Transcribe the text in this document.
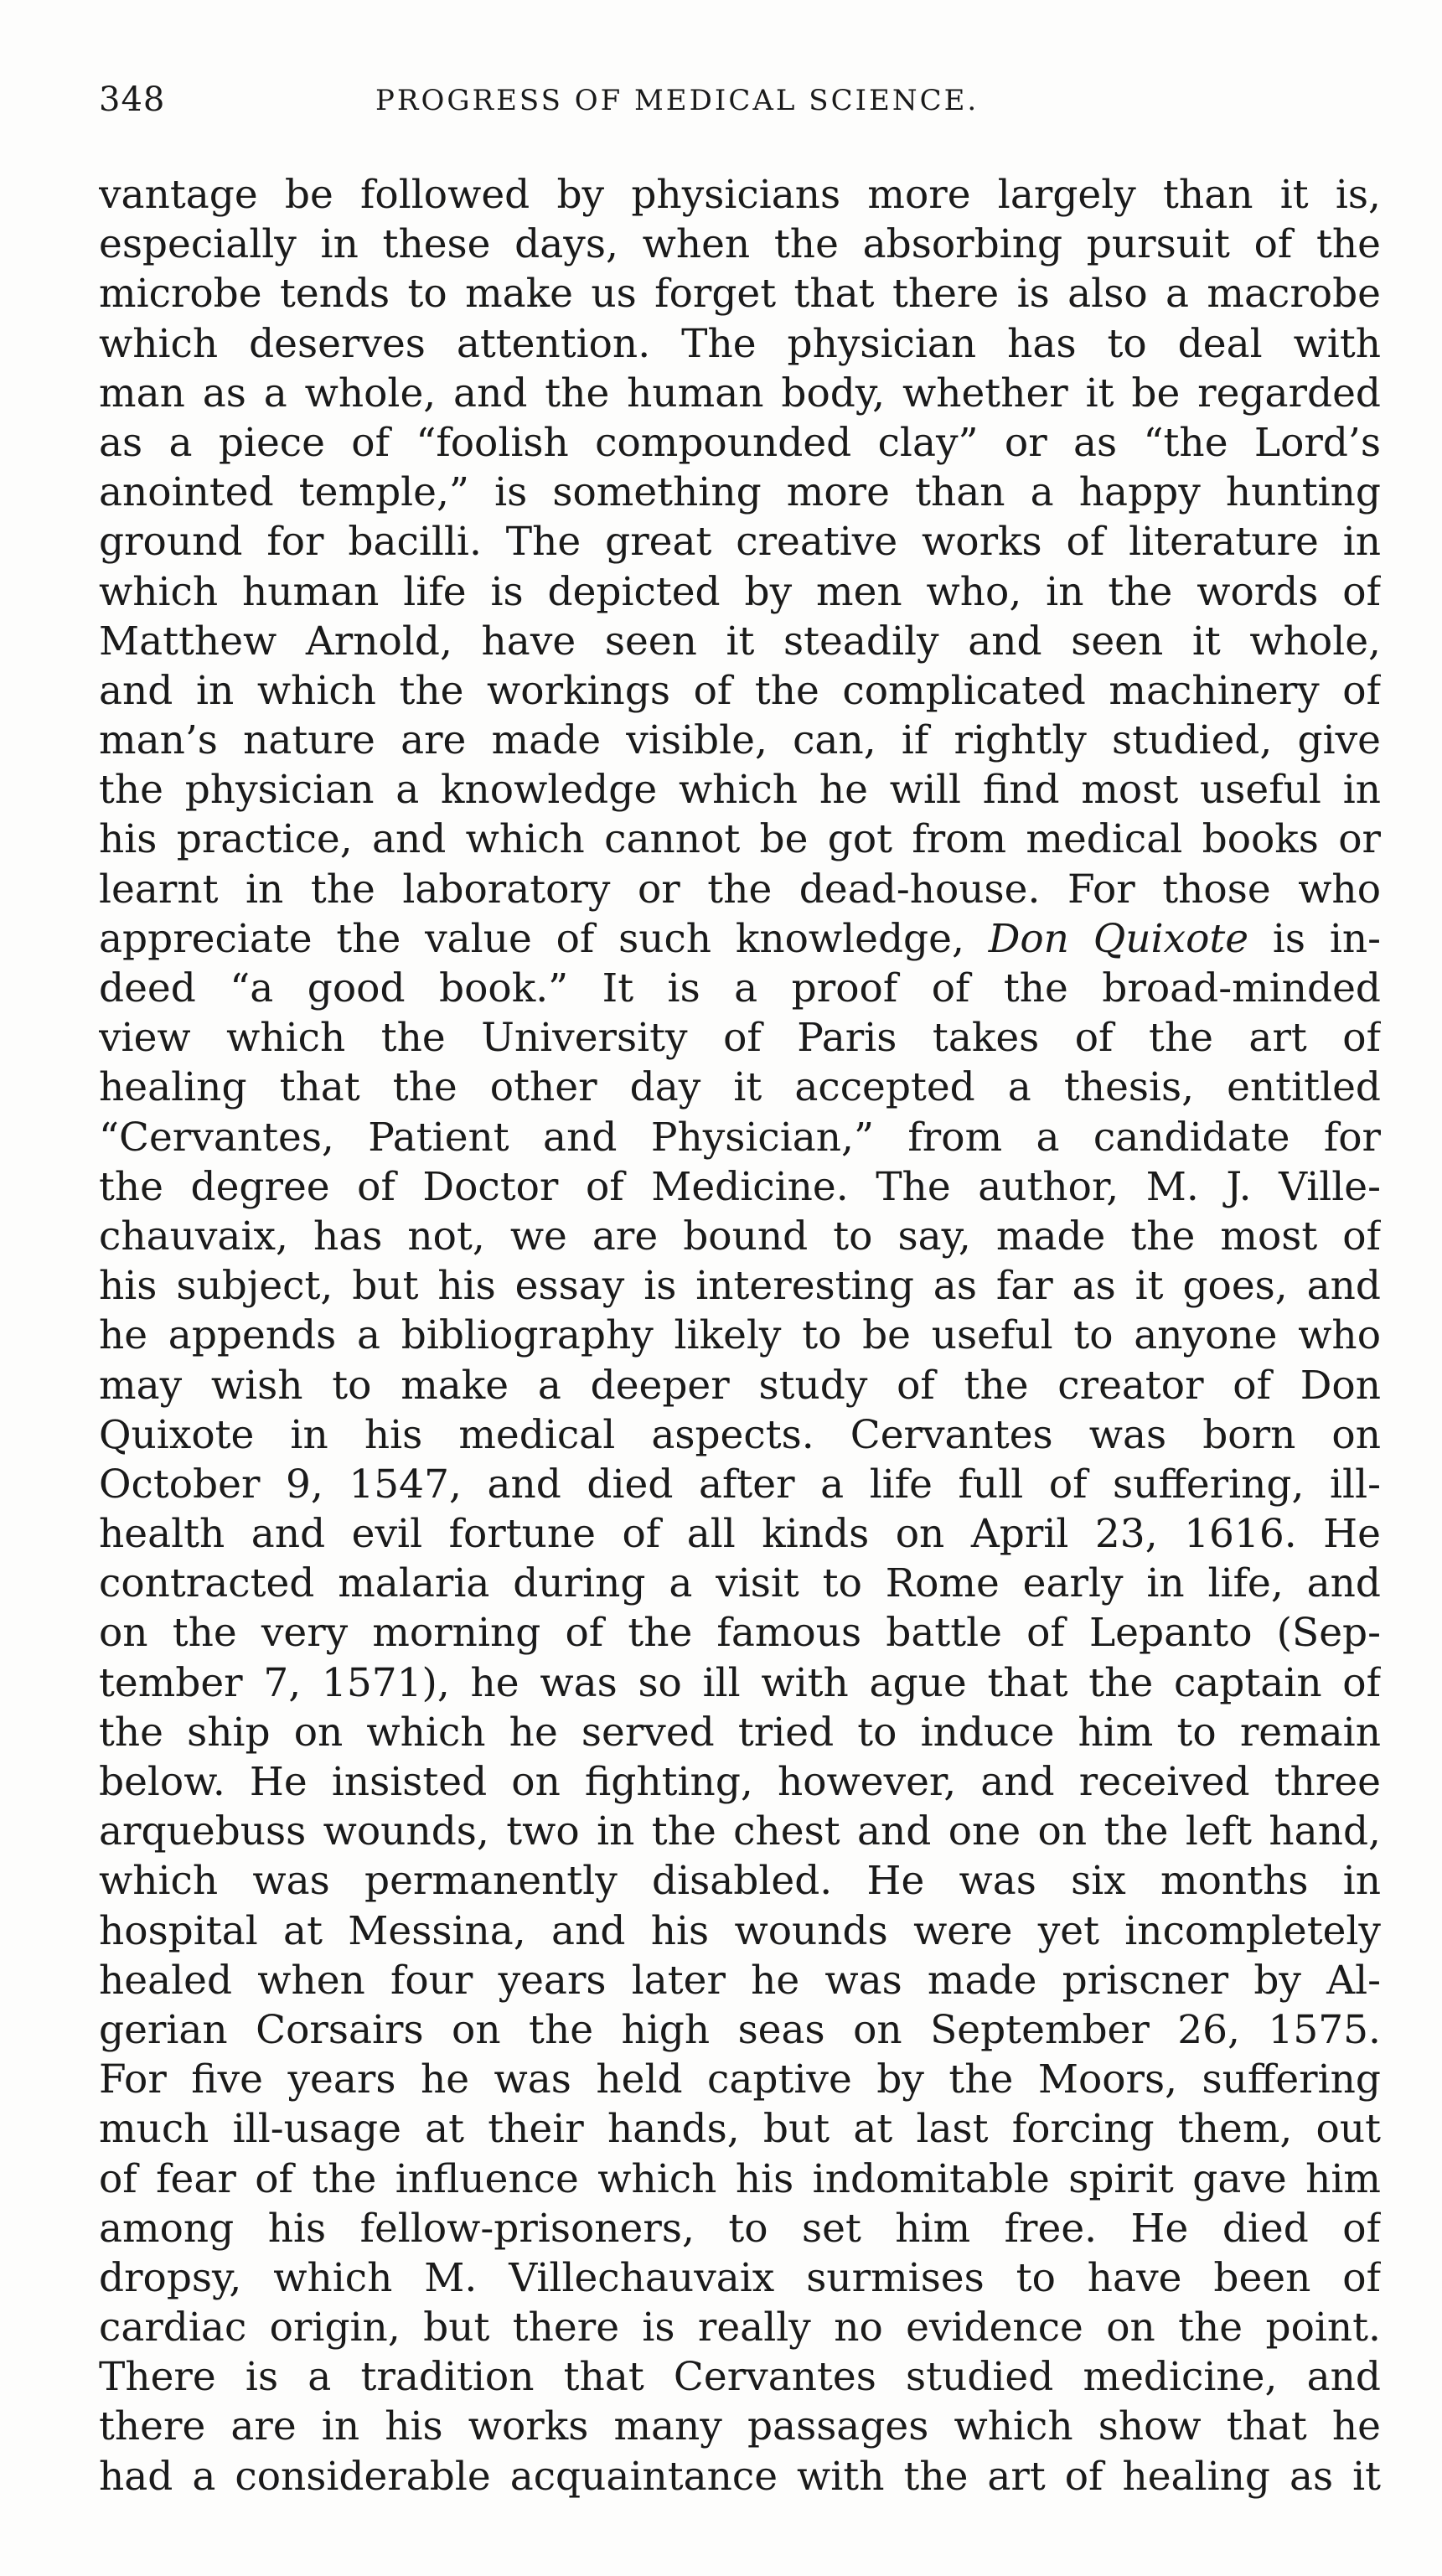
348	PROGRESS OF MEDICAL SCIENCE.
vantage be followed by physicians more largely than it is,
especially in these days, when the absorbing pursuit of the
microbe tends to make us forget that there is also a macrobe
which deserves attention. The physician has to deal with
man as a whole, and the human body, whether it be regarded
as a piece of “foolish compounded clay” or as “the Lord’s
anointed temple,” is something more than a happy hunting
ground for bacilli. The great creative works of literature in
which human life is depicted by men who, in the words of
Matthew Arnold, have seen it steadily and seen it whole,
and in which the workings of the complicated machinery of
man’s nature are made visible, can, if rightly studied, give
the physician a knowledge which he will find most useful in
his practice, and which cannot be got from medical books or
learnt in the laboratory or the dead-house. For those who
appreciate the value of such knowledge, Don Quixote is in-
deed “a good book.” It is a proof of the broad-minded
view which the University of Paris takes of the art of
healing that the other day it accepted a thesis, entitled
“Cervantes, Patient and Physician,” from a candidate for
the degree of Doctor of Medicine. The author, M. J. Ville-
chauvaix, has not, we are bound to say, made the most of
his subject, but his essay is interesting as far as it goes, and
he appends a bibliography likely to be useful to anyone who
may wish to make a deeper study of the creator of Don
Quixote in his medical aspects. Cervantes was born on
October 9, 1547, and died after a life full of suffering, ill-
health and evil fortune of all kinds on April 23, 1616. He
contracted malaria during a visit to Rome early in life, and
on the very morning of the famous battle of Lepanto (Sep-
tember 7, 1571), he was so ill with ague that the captain of
the ship on which he served tried to induce him to remain
below. He insisted on fighting, however, and received three
arquebuss wounds, two in the chest and one on the left hand,
which was permanently disabled. He was six months in
hospital at Messina, and his wounds were yet incompletely
healed when four years later he was made priscner by Al-
gerian Corsairs on the high seas on September 26, 1575.
For five years he was held captive by the Moors, suffering
much ill-usage at their hands, but at last forcing them, out
of fear of the influence which his indomitable spirit gave him
among his fellow-prisoners, to set him free. He died of
dropsy, which M. Villechauvaix surmises to have been of
cardiac origin, but there is really no evidence on the point.
There is a tradition that Cervantes studied medicine, and
there are in his works many passages which show that he
had a considerable acquaintance with the art of healing as it
